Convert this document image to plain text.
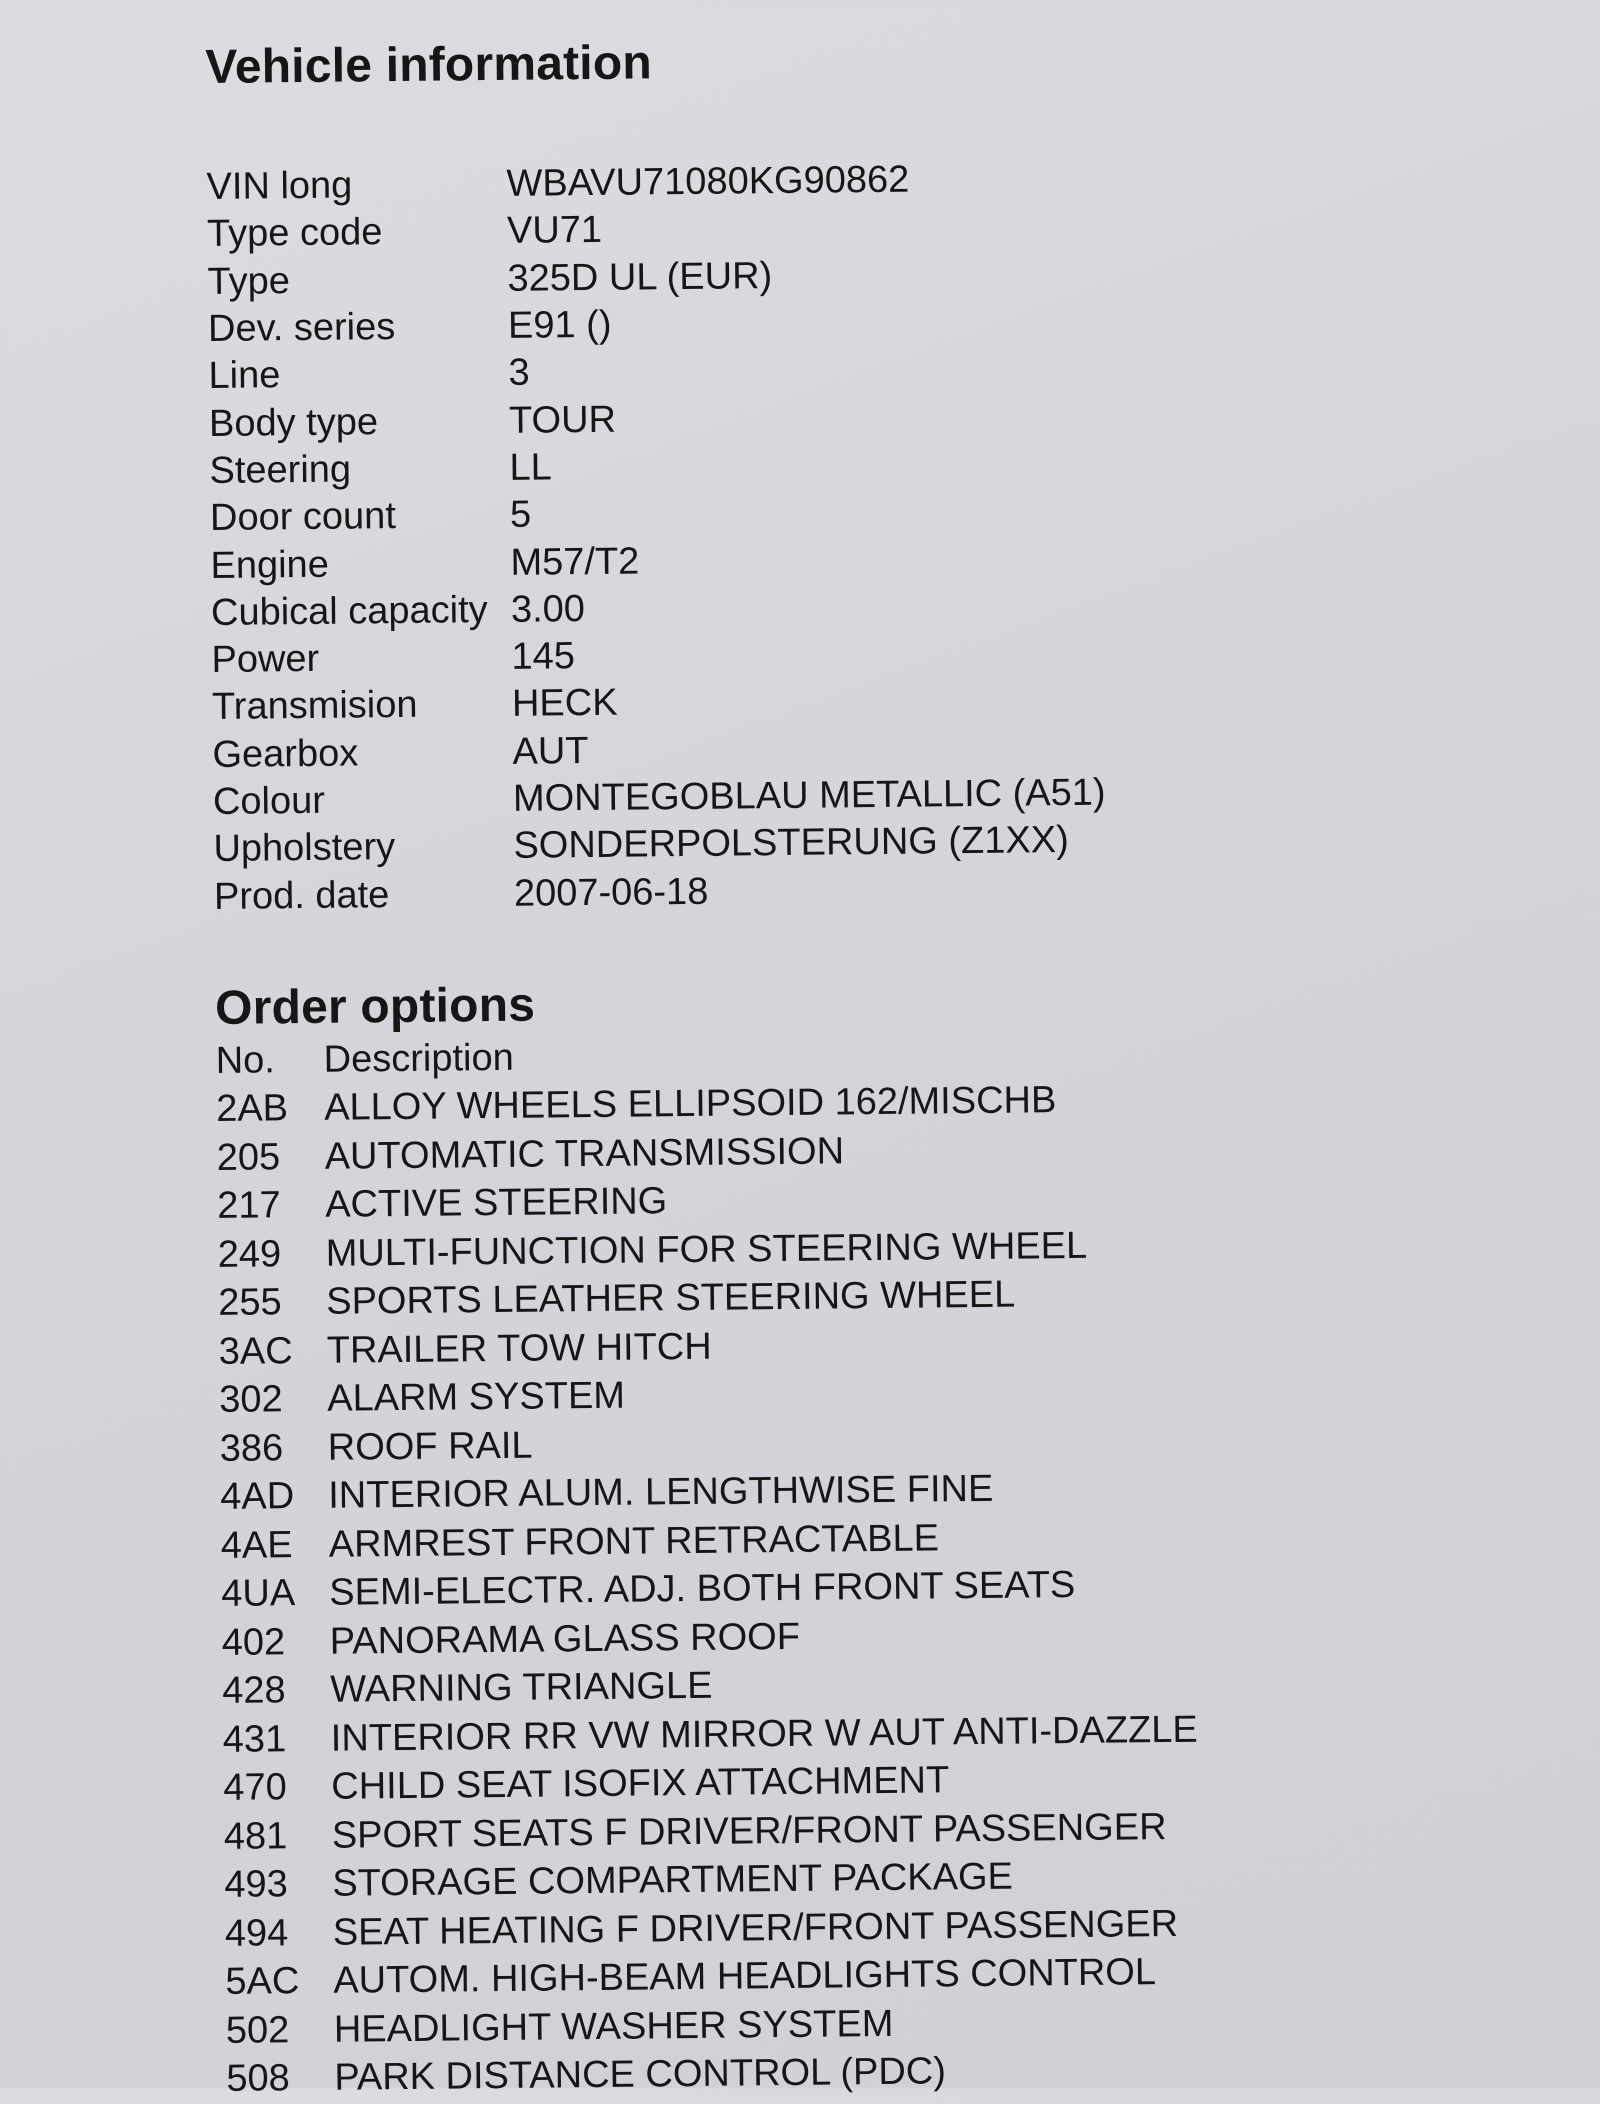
Vehicle information
VIN long	WBAVU71080KG90862
Type code	VU71
Type	325D UL (EUR)
Dev. series	E91 ()
Line	3
Body type	TOUR
Steering	LL
Door count	5
Engine	M57/T2
Cubical capacity 3.00
Power	145
Transmision	HECK
Gearbox	AUT
Colour	MONTEGOBLAU METALLIC (A51)
Upholstery	SONDERPOLSTERUNG (Z1XX)
Prod. date	2007-06-18
Order options
No.	Description
2AB ALLOY WHEELS ELLIPSOID 162/MISCHB
205	AUTOMATIC TRANSMISSION
217	ACTIVE STEERING
249	MULTI-FUNCTION FOR STEERING WHEEL
255	SPORTS LEATHER STEERING WHEEL
3AC TRAILER TOW HITCH
302	ALARM SYSTEM
386	ROOF RAIL
4AD INTERIOR ALUM. LENGTHWISE FINE
4AE ARMREST FRONT RETRACTABLE
4UA SEMI-ELECTR. ADJ. BOTH FRONT SEATS
402	PANORAMA GLASS ROOF
428	WARNING TRIANGLE
431	INTERIOR RR VW MIRROR W AUT ANTI-DAZZLE
470	CHILD SEAT ISOFIX ATTACHMENT
481	SPORT SEATS F DRIVER/FRONT PASSENGER
493	STORAGE COMPARTMENT PACKAGE
494	SEAT HEATING F DRIVER/FRONT PASSENGER
5AC AUTOM. HIGH-BEAM HEADLIGHTS CONTROL
502	HEADLIGHT WASHER SYSTEM
508	PARK DISTANCE CONTROL (PDC)
